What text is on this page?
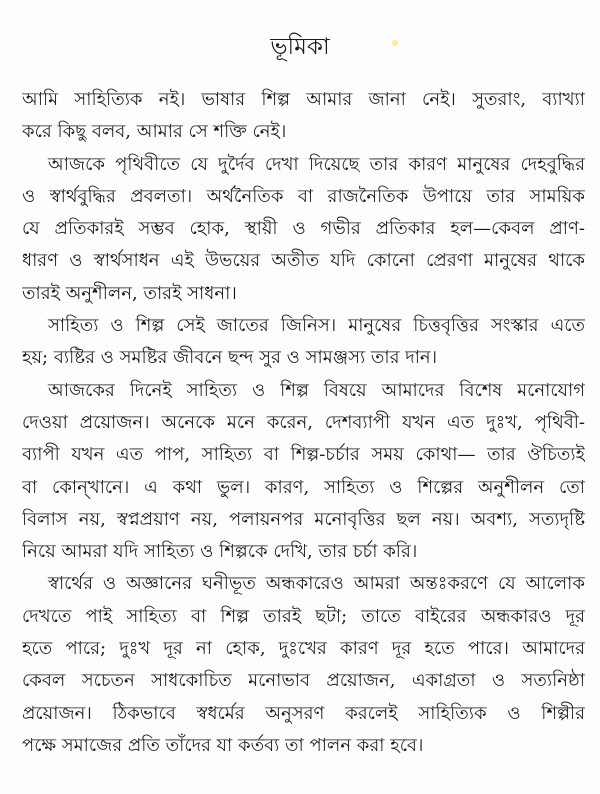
ভূমিকা
আমি সাহিত্যিক নই। ভাষার শিল্প আমার জানা নেই। সুতরাং, ব্যাখ্যা
করে কিছু বলব, আমার সে শক্তি নেই।
আজকে পৃথিবীতে যে দুর্দৈব দেখা দিয়েছে তার কারণ মানুষের দেহবুদ্ধির
ও স্বার্থবুদ্ধির প্রবলতা। অর্থনৈতিক বা রাজনৈতিক উপায়ে তার সাময়িক
যে প্রতিকারই সম্ভব হোক, স্থায়ী ও গভীর প্রতিকার হল—কেবল প্রাণ-
ধারণ ও স্বার্থসাধন এই উভয়ের অতীত যদি কোনো প্রেরণা মানুষের থাকে
তারই অনুশীলন, তারই সাধনা।
সাহিত্য ও শিল্প সেই জাতের জিনিস। মানুষের চিত্তবৃত্তির সংস্কার এতে
হয়; ব্যষ্টির ও সমষ্টির জীবনে ছন্দ সুর ও সামঞ্জস্য তার দান।
আজকের দিনেই সাহিত্য ও শিল্প বিষয়ে আমাদের বিশেষ মনোযোগ
দেওয়া প্রয়োজন। অনেকে মনে করেন, দেশব্যাপী যখন এত দুঃখ, পৃথিবী-
ব্যাপী যখন এত পাপ, সাহিত্য বা শিল্প-চর্চার সময় কোথা— তার ঔচিত্যই
বা কোন্‌খানে। এ কথা ভুল। কারণ, সাহিত্য ও শিল্পের অনুশীলন তো
বিলাস নয়, স্বপ্নপ্রয়াণ নয়, পলায়নপর মনোবৃত্তির ছল নয়। অবশ্য, সত্যদৃষ্টি
নিয়ে আমরা যদি সাহিত্য ও শিল্পকে দেখি, তার চর্চা করি।
স্বার্থের ও অজ্ঞানের ঘনীভূত অন্ধকারেও আমরা অন্তঃকরণে যে আলোক
দেখতে পাই সাহিত্য বা শিল্প তারই ছটা; তাতে বাইরের অন্ধকারও দূর
হতে পারে; দুঃখ দূর না হোক, দুঃখের কারণ দূর হতে পারে। আমাদের
কেবল সচেতন সাধকোচিত মনোভাব প্রয়োজন, একাগ্রতা ও সত্যনিষ্ঠা
প্রয়োজন। ঠিকভাবে স্বধর্মের অনুসরণ করলেই সাহিত্যিক ও শিল্পীর
পক্ষে সমাজের প্রতি তাঁদের যা কর্তব্য তা পালন করা হবে।
